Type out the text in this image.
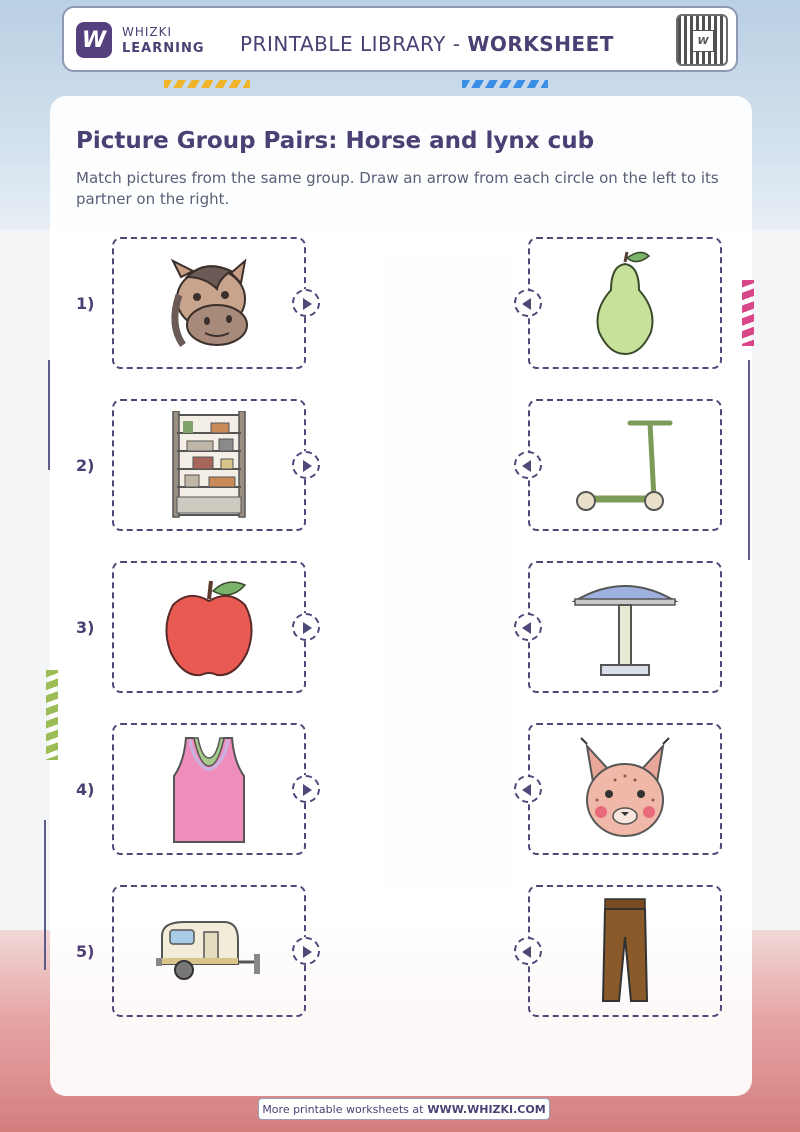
W	WHIZKI
LEARNING PRINTABLE LIBRARY - WORKSHEET	W
Picture Group Pairs: Horse and lynx cub

Match pictures from the same group. Draw an arrow from each circle on the left to its partner on the right.

1)
2)
3)
4)
5)
More printable worksheets at WWW.WHIZKI.COM
